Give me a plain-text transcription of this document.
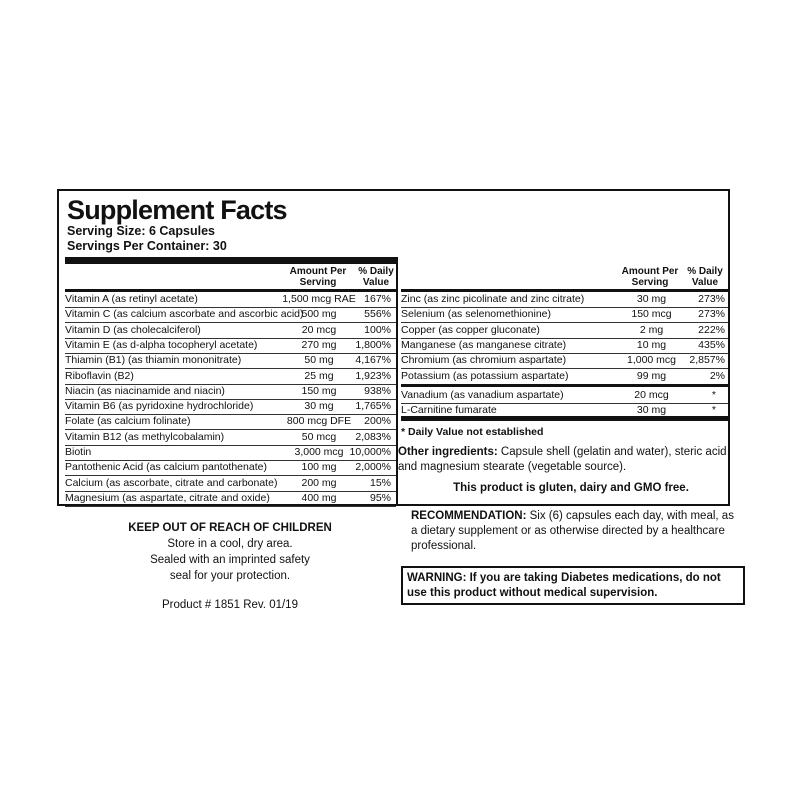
Supplement Facts
Serving Size: 6 Capsules
Servings Per Container: 30
Amount Per Serving
% Daily Value
Vitamin A (as retinyl acetate)	1,500 mcg RAE 167%
Vitamin C (as calcium ascorbate and ascorbic acid)
500 mg	556%
Vitamin D (as cholecalciferol)	20 mcg	100%
Vitamin E (as d-alpha tocopheryl acetate)	270 mg	1,800%
Thiamin (B1) (as thiamin mononitrate)	50 mg	4,167%
Riboflavin (B2)	25 mg	1,923%
Niacin (as niacinamide and niacin)	150 mg	938%
Vitamin B6 (as pyridoxine hydrochloride)	30 mg	1,765%
Folate (as calcium folinate)	800 mcg DFE	200%
Vitamin B12 (as methylcobalamin)	50 mcg	2,083%
Biotin	3,000 mcg 10,000%
Pantothenic Acid (as calcium pantothenate)	100 mg	2,000%
Calcium (as ascorbate, citrate and carbonate)	200 mg	15%
Magnesium (as aspartate, citrate and oxide)	400 mg	95%
Amount Per Serving
% Daily Value
Zinc (as zinc picolinate and zinc citrate)	30 mg	273%
Selenium (as selenomethionine)	150 mcg	273%
Copper (as copper gluconate)	2 mg	222%
Manganese (as manganese citrate)	10 mg	435%
Chromium (as chromium aspartate)	1,000 mcg	2,857%
Potassium (as potassium aspartate)	99 mg	2%
Vanadium (as vanadium aspartate)	20 mcg	*
L-Carnitine fumarate	30 mg	*
* Daily Value not established
Other ingredients: Capsule shell (gelatin and water), steric acid and magnesium stearate (vegetable source).
This product is gluten, dairy and GMO free.
RECOMMENDATION: Six (6) capsules each day, with meal, as a dietary supplement or as otherwise directed by a healthcare professional.
WARNING: If you are taking Diabetes medications, do not use this product without medical supervision.
KEEP OUT OF REACH OF CHILDREN
Store in a cool, dry area.
Sealed with an imprinted safety
seal for your protection.
Product # 1851 Rev. 01/19
